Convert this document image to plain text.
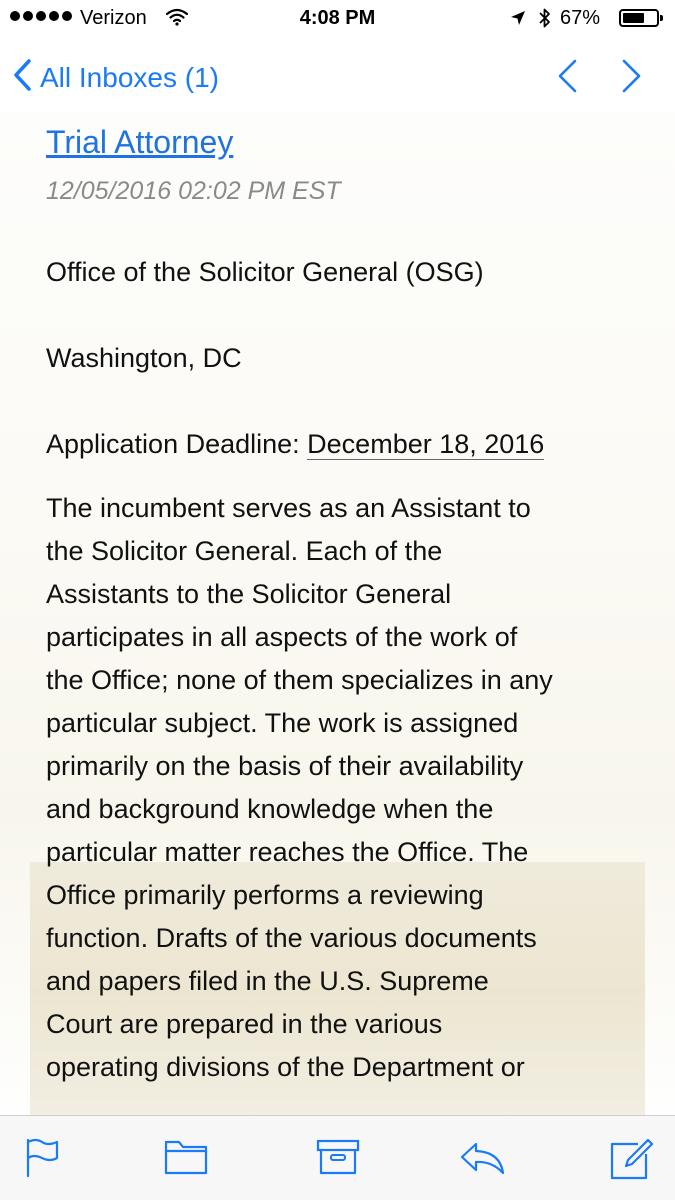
Verizon	4:08 PM	67%
All Inboxes (1)
Trial Attorney
12/05/2016 02:02 PM EST

Office of the Solicitor General (OSG)

Washington, DC

Application Deadline: December 18, 2016

The incumbent serves as an Assistant to
the Solicitor General. Each of the
Assistants to the Solicitor General
participates in all aspects of the work of
the Office; none of them specializes in any
particular subject. The work is assigned
primarily on the basis of their availability
and background knowledge when the
particular matter reaches the Office. The
Office primarily performs a reviewing
function. Drafts of the various documents
and papers filed in the U.S. Supreme
Court are prepared in the various
operating divisions of the Department or
